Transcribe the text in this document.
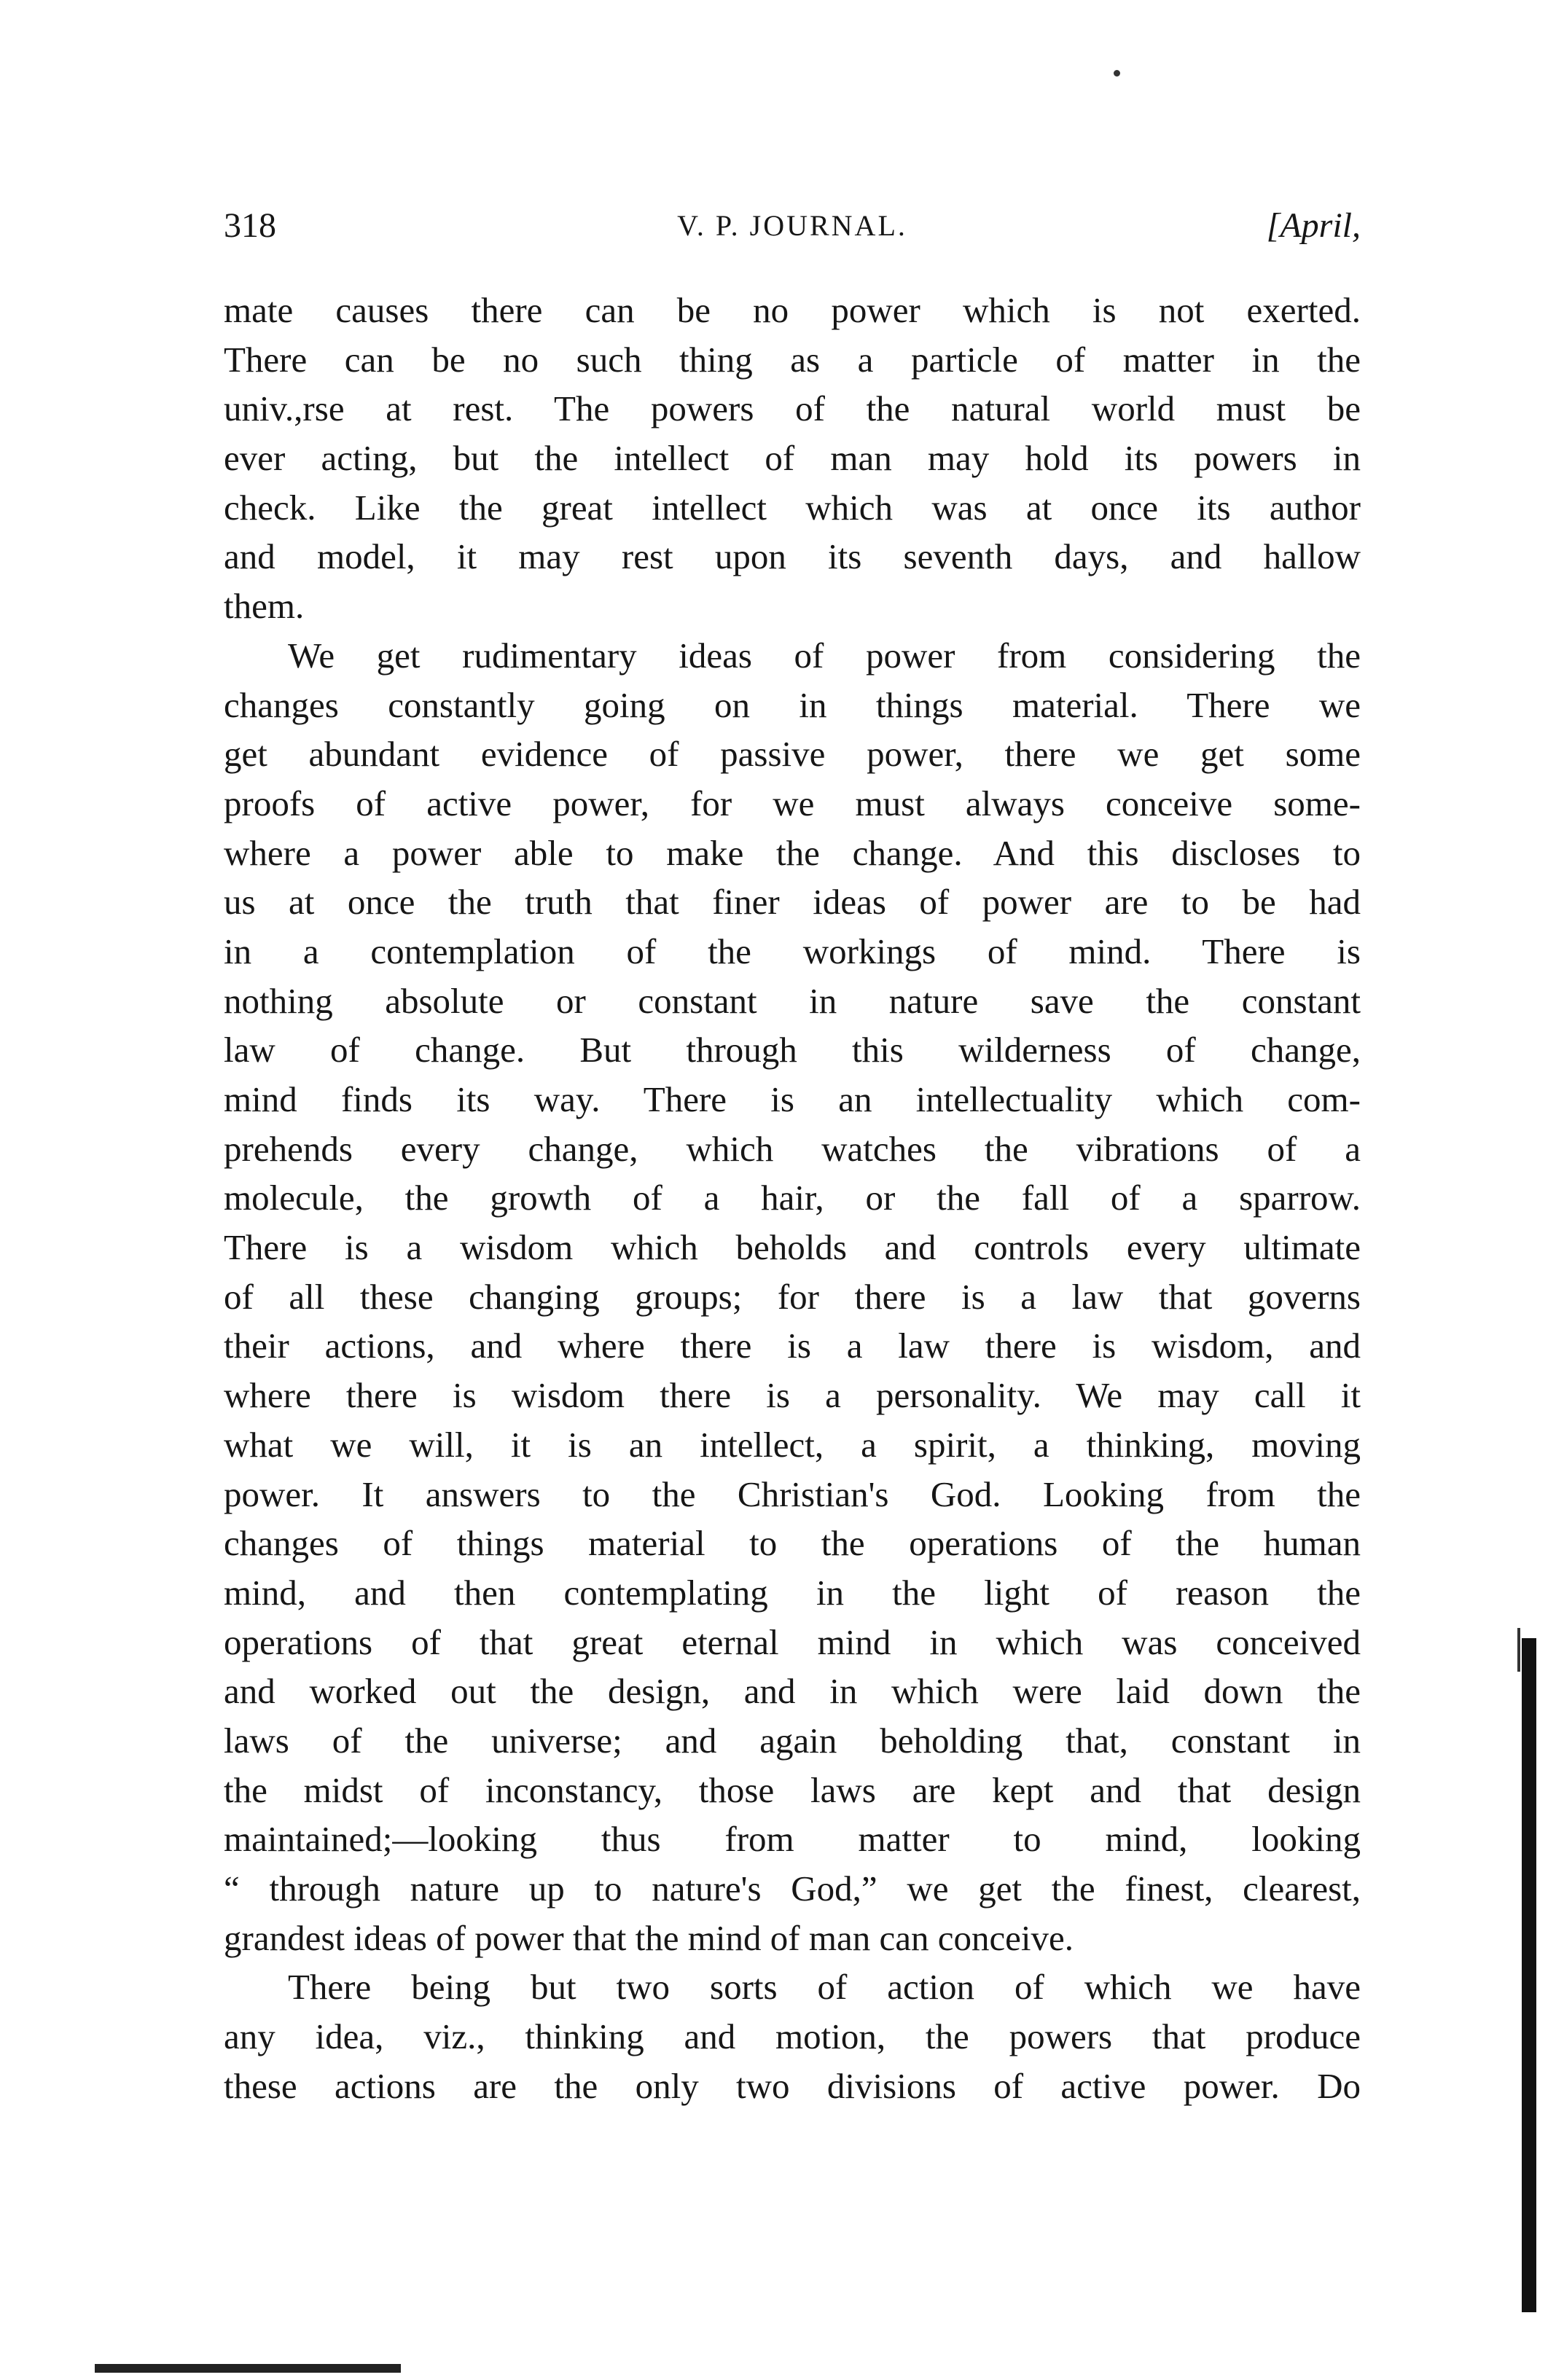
318	V. P. JOURNAL.	[April,
mate causes there can be no power which is not exerted.
There can be no such thing as a particle of matter in the
univ.,rse at rest. The powers of the natural world must be
ever acting, but the intellect of man may hold its powers in
check. Like the great intellect which was at once its author
and model, it may rest upon its seventh days, and hallow
them.
We get rudimentary ideas of power from considering the
changes constantly going on in things material. There we
get abundant evidence of passive power, there we get some
proofs of active power, for we must always conceive some-
where a power able to make the change. And this discloses to
us at once the truth that finer ideas of power are to be had
in a contemplation of the workings of mind. There is
nothing absolute or constant in nature save the constant
law of change. But through this wilderness of change,
mind finds its way. There is an intellectuality which com-
prehends every change, which watches the vibrations of a
molecule, the growth of a hair, or the fall of a sparrow.
There is a wisdom which beholds and controls every ultimate
of all these changing groups; for there is a law that governs
their actions, and where there is a law there is wisdom, and
where there is wisdom there is a personality. We may call it
what we will, it is an intellect, a spirit, a thinking, moving
power. It answers to the Christian's God. Looking from the
changes of things material to the operations of the human
mind, and then contemplating in the light of reason the
operations of that great eternal mind in which was conceived
and worked out the design, and in which were laid down the
laws of the universe; and again beholding that, constant in
the midst of inconstancy, those laws are kept and that design
maintained;—looking thus from matter to mind, looking
“ through nature up to nature's God,” we get the finest, clearest,
grandest ideas of power that the mind of man can conceive.
There being but two sorts of action of which we have
any idea, viz., thinking and motion, the powers that produce
these actions are the only two divisions of active power. Do
